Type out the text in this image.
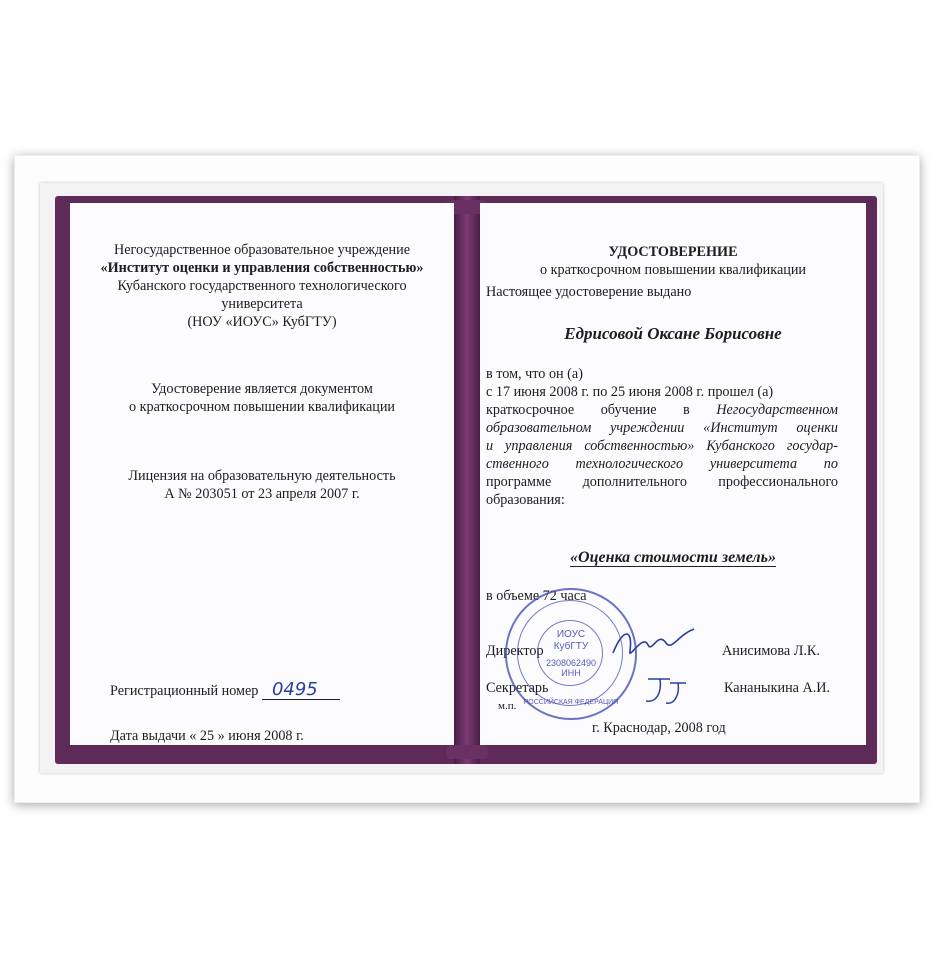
Негосударственное образовательное учреждение
«Институт оценки и управления собственностью»
Кубанского государственного технологического
университета
(НОУ «ИОУС» КубГТУ)
Удостоверение является документом
о краткосрочном повышении квалификации
Лицензия на образовательную деятельность
А № 203051 от 23 апреля 2007 г.
Регистрационный номер 0495
Дата выдачи « 25 » июня 2008 г.
УДОСТОВЕРЕНИЕ
о краткосрочном повышении квалификации
Настоящее удостоверение выдано
Едрисовой Оксане Борисовне
в том, что он (а)
с 17 июня 2008 г. по 25 июня 2008 г. прошел (а)
краткосрочное обучение в Негосударственном
образовательном учреждении «Институт оценки
и управления собственностью» Кубанского государ-
ственного технологического университета по
программе дополнительного профессионального
образования:
«Оценка стоимости земель»
в объеме 72 часа
Директор	Анисимова Л.К.
Секретарь	Кананыкина А.И.
м.п.
г. Краснодар, 2008 год
ИОУС
КубГТУ
2308062490
ИНН
РОССИЙСКАЯ ФЕДЕРАЦИЯ
